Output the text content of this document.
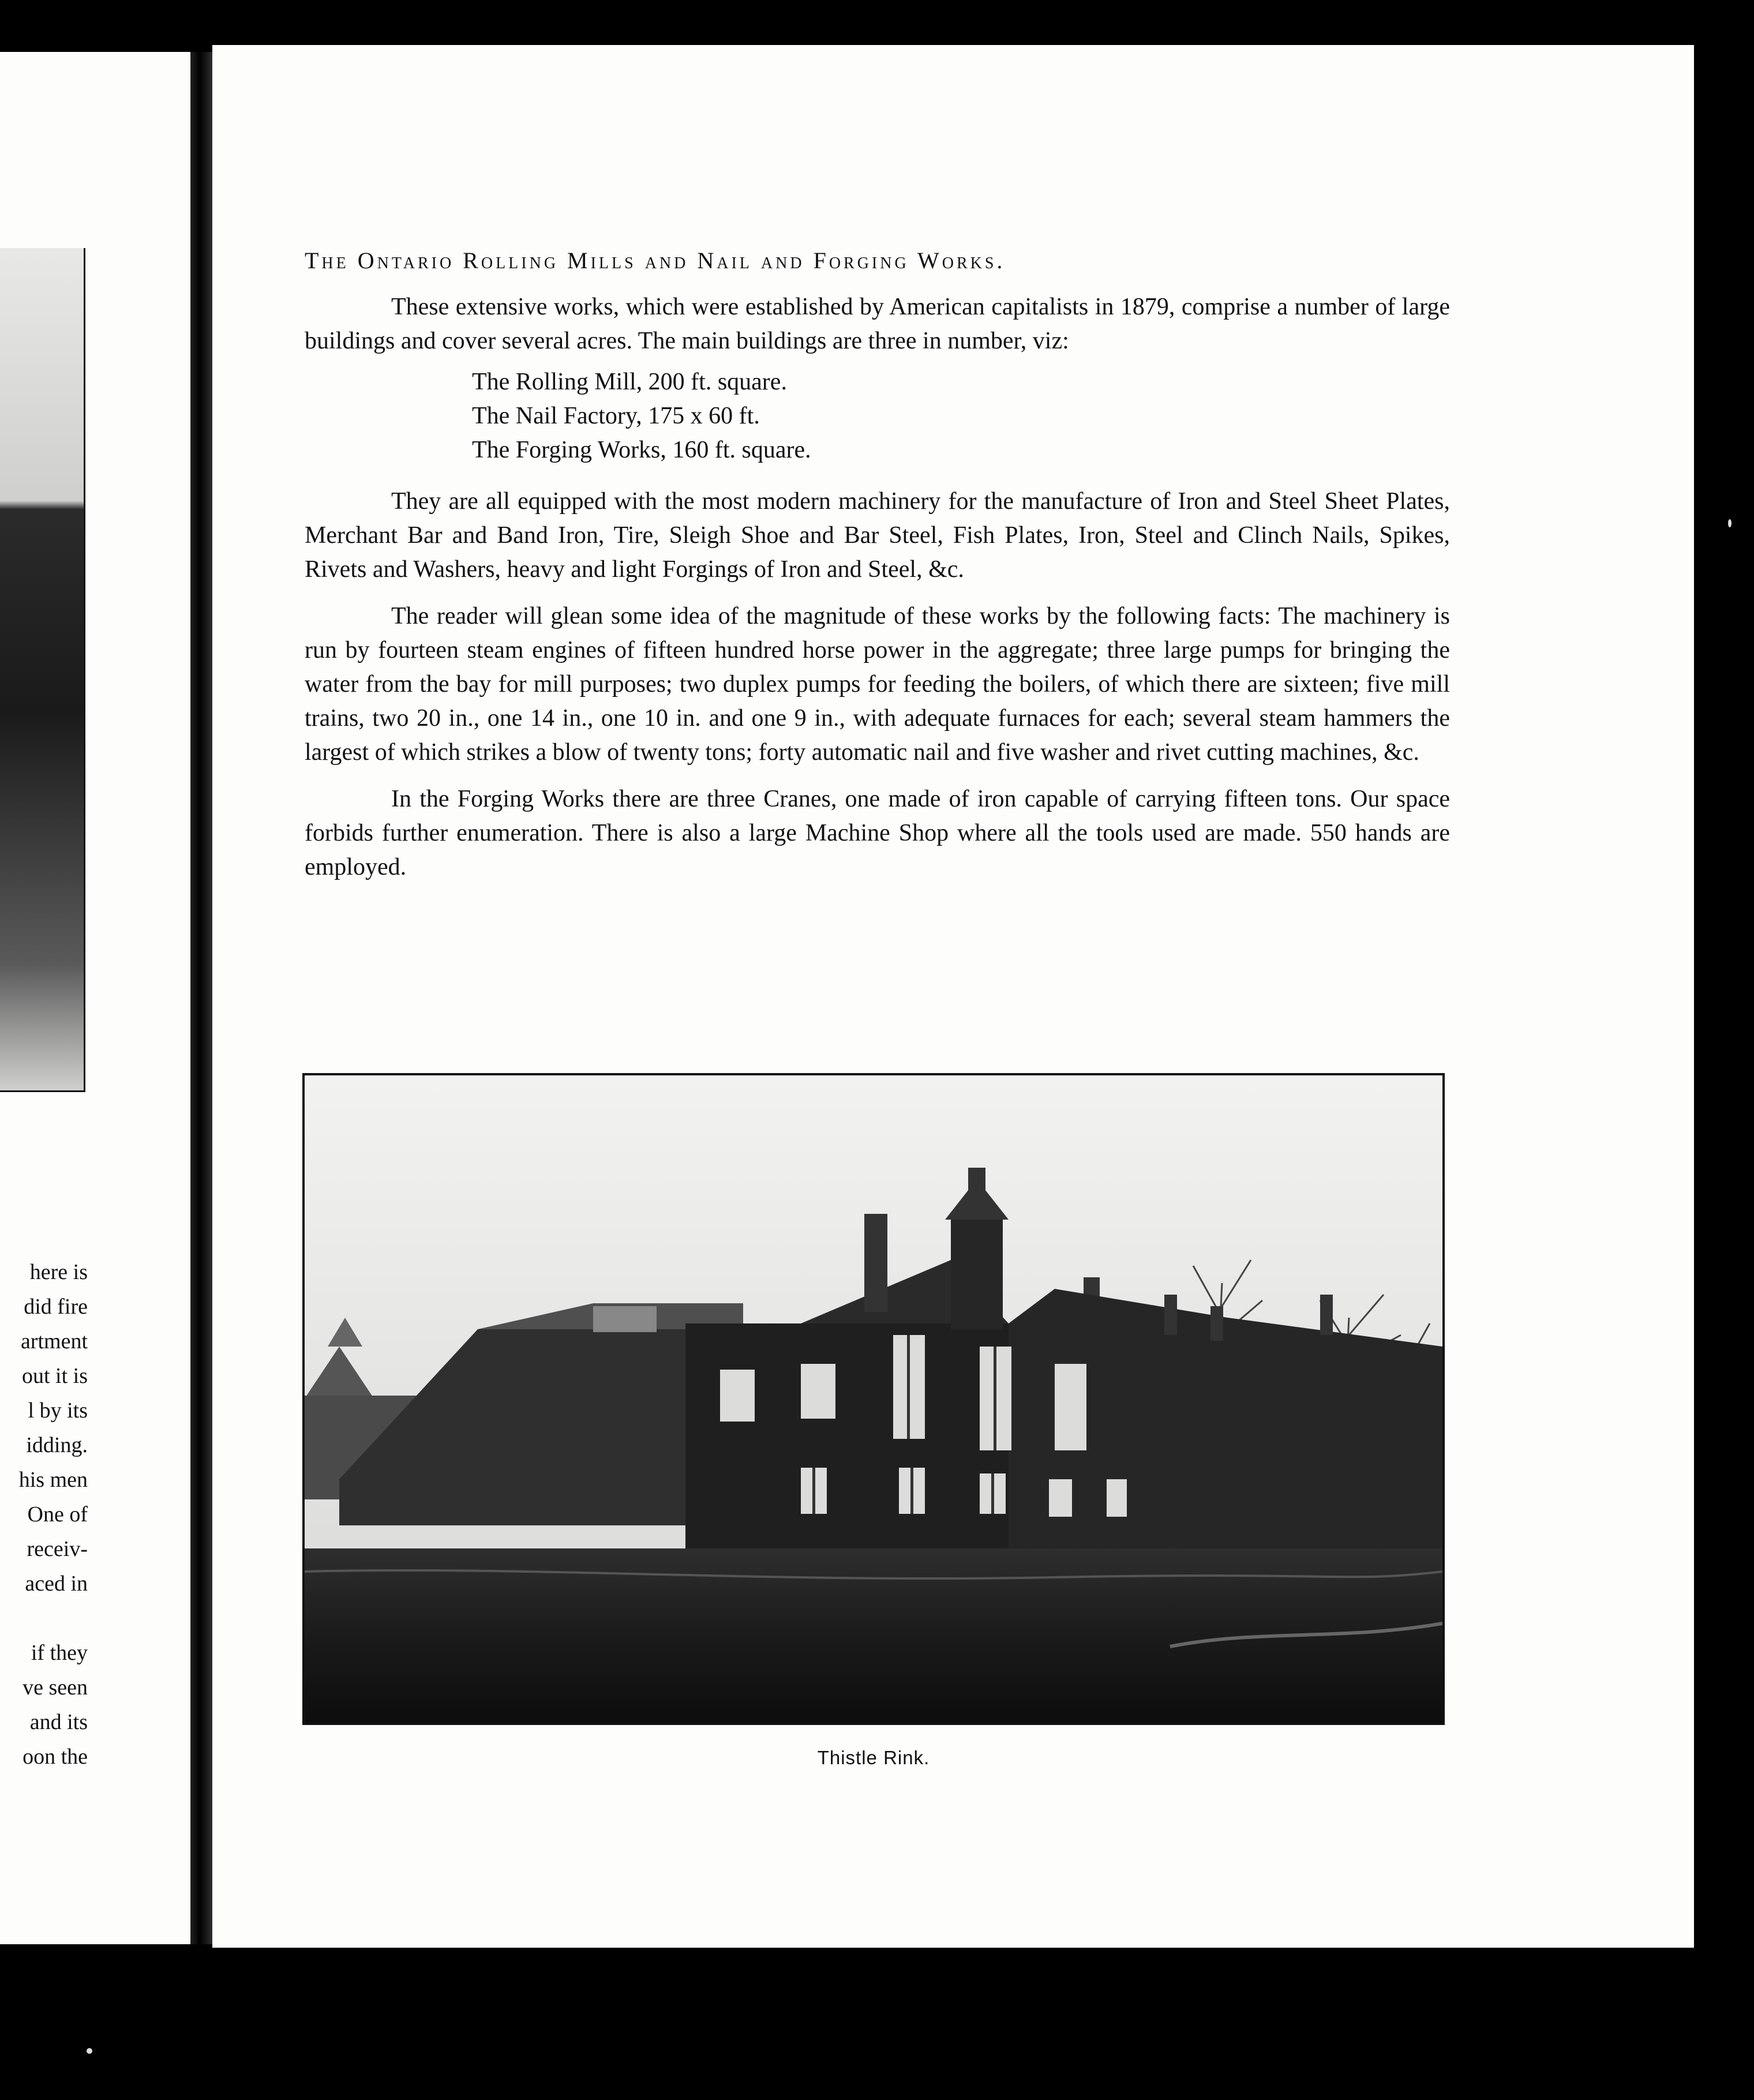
here is
did fire
artment
out it is
l by its
idding.
his men
One of
receiv-
aced in
if they
ve seen
and its
oon the
The Ontario Rolling Mills and Nail and Forging Works.

These extensive works, which were established by American capitalists in 1879, comprise a number of large buildings and cover several acres. The main buildings are three in number, viz:

The Rolling Mill, 200 ft. square.
The Nail Factory, 175 x 60 ft.
The Forging Works, 160 ft. square.

They are all equipped with the most modern machinery for the manufacture of Iron and Steel Sheet Plates, Merchant Bar and Band Iron, Tire, Sleigh Shoe and Bar Steel, Fish Plates, Iron, Steel and Clinch Nails, Spikes, Rivets and Washers, heavy and light Forgings of Iron and Steel, &c.

The reader will glean some idea of the magnitude of these works by the following facts: The machinery is run by fourteen steam engines of fifteen hundred horse power in the aggregate; three large pumps for bringing the water from the bay for mill purposes; two duplex pumps for feeding the boilers, of which there are sixteen; five mill trains, two 20 in., one 14 in., one 10 in. and one 9 in., with adequate furnaces for each; several steam hammers the largest of which strikes a blow of twenty tons; forty automatic nail and five washer and rivet cutting machines, &c.

In the Forging Works there are three Cranes, one made of iron capable of carrying fifteen tons. Our space forbids further enumeration. There is also a large Machine Shop where all the tools used are made. 550 hands are employed.

Thistle Rink.
